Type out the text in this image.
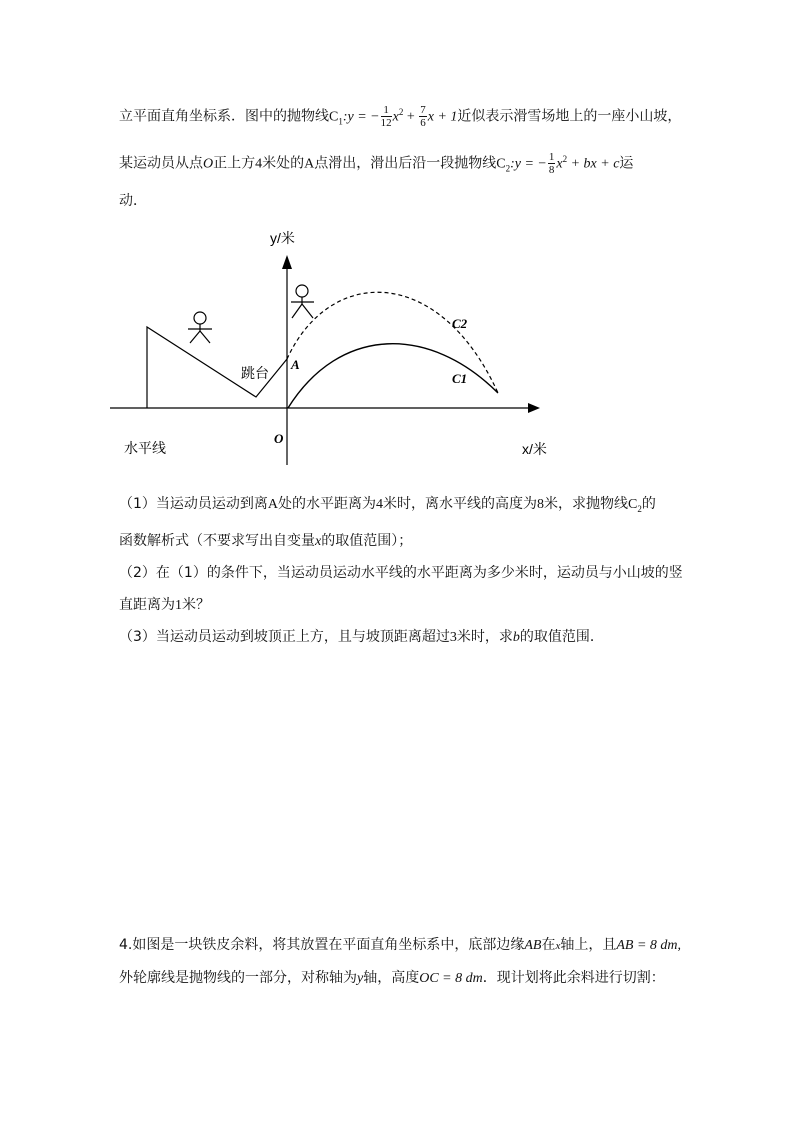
立平面直角坐标系．图中的抛物线$C_1:y$ = − $\frac{1}{12} x^2 + \frac{7}{6}$ x + 1近似表示滑雪场地上的一座小山坡，
某运动员从点O正上方4米处的A点滑出，滑出后沿一段抛物线$C_2:y$ = − $\frac{1}{8} x^2$ + bx + c运
动．
y/米
x/米
O
A
跳台
水平线
C1
C2
（1）当运动员运动到离A处的水平距离为4米时，离水平线的高度为8米，求抛物线$C_2$的
函数解析式（不要求写出自变量x的取值范围）；
（2）在（1）的条件下，当运动员运动水平线的水平距离为多少米时，运动员与小山坡的竖
直距离为1米？
（3）当运动员运动到坡顶正上方，且与坡顶距离超过3米时，求b的取值范围．
4.如图是一块铁皮余料，将其放置在平面直角坐标系中，底部边缘AB在x轴上，且AB = 8 dm,
外轮廓线是抛物线的一部分，对称轴为y轴，高度OC = 8 dm．现计划将此余料进行切割：
